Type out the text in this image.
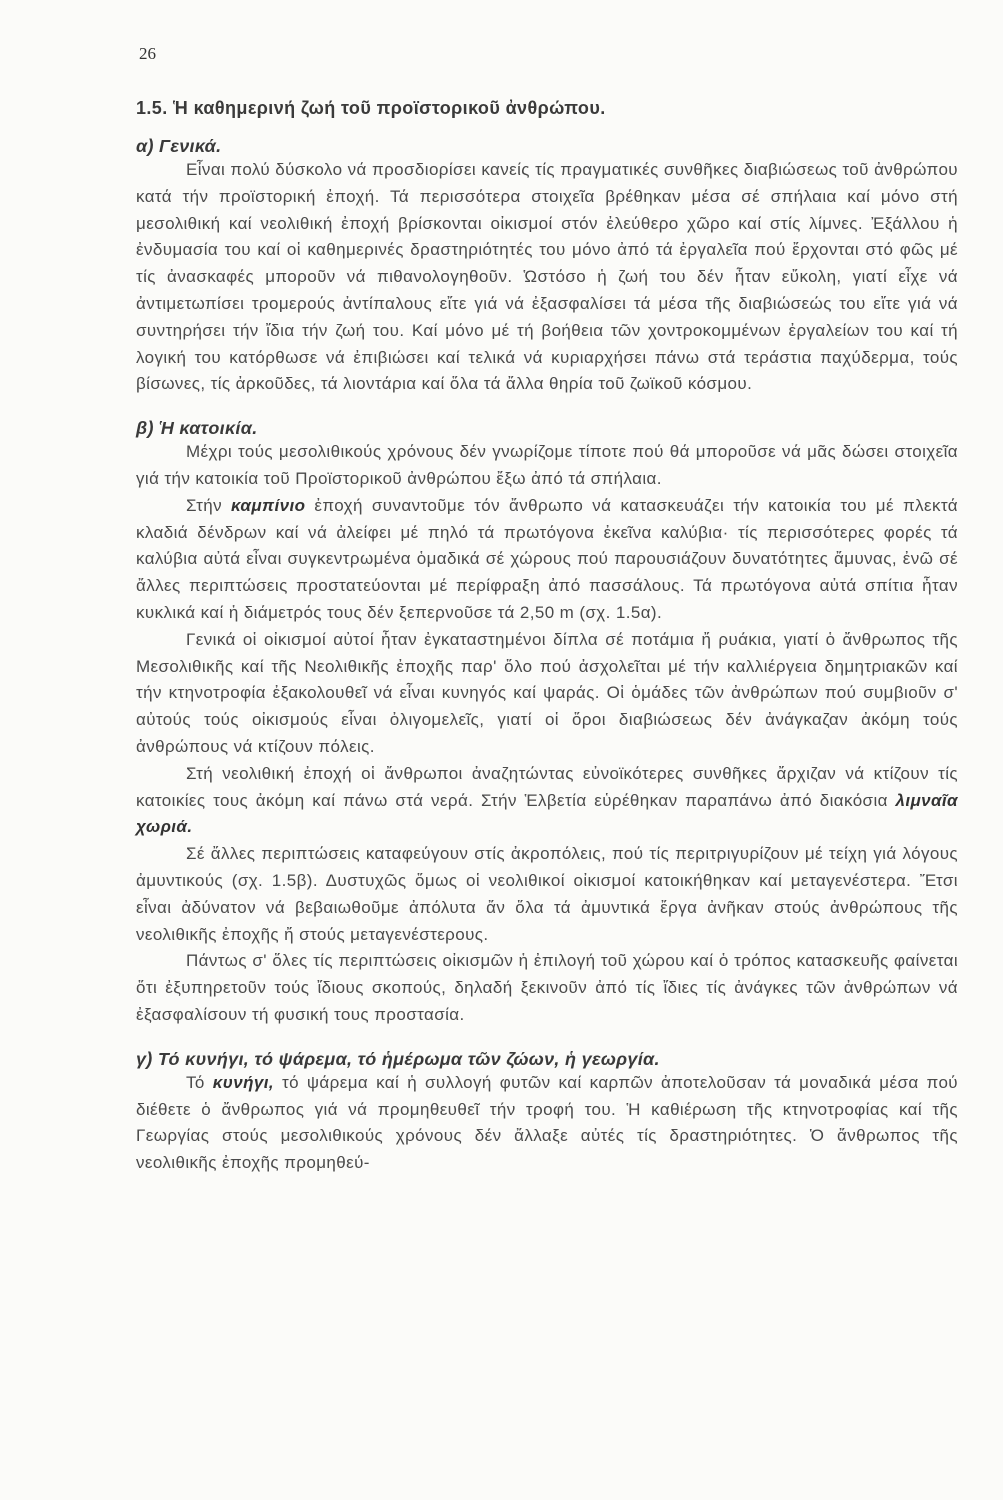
26
1.5. Ἡ καθημερινή ζωή τοῦ προϊστορικοῦ ἀνθρώπου.
α) Γενικά.

Εἶναι πολύ δύσκολο νά προσδιορίσει κανείς τίς πραγματικές συνθῆκες διαβιώσεως τοῦ ἀνθρώπου κατά τήν προϊστορική ἐποχή. Τά περισσότερα στοιχεῖα βρέθηκαν μέσα σέ σπήλαια καί μόνο στή μεσολιθική καί νεολιθική ἐποχή βρίσκονται οἰκισμοί στόν ἐλεύθερο χῶρο καί στίς λίμνες. Ἐξάλλου ἡ ἐνδυμασία του καί οἱ καθημερινές δραστηριότητές του μόνο ἀπό τά ἐργαλεῖα πού ἔρχονται στό φῶς μέ τίς ἀνασκαφές μποροῦν νά πιθανολογηθοῦν. Ὡστόσο ἡ ζωή του δέν ἦταν εὔκολη, γιατί εἶχε νά ἀντιμετωπίσει τρομερούς ἀντίπαλους εἴτε γιά νά ἐξασφαλίσει τά μέσα τῆς διαβιώσεώς του εἴτε γιά νά συντηρήσει τήν ἴδια τήν ζωή του. Καί μόνο μέ τή βοήθεια τῶν χοντροκομμένων ἐργαλείων του καί τή λογική του κατόρθωσε νά ἐπιβιώσει καί τελικά νά κυριαρχήσει πάνω στά τεράστια παχύδερμα, τούς βίσωνες, τίς ἀρκοῦδες, τά λιοντάρια καί ὅλα τά ἄλλα θηρία τοῦ ζωϊκοῦ κόσμου.

β) Ἡ κατοικία.

Μέχρι τούς μεσολιθικούς χρόνους δέν γνωρίζομε τίποτε πού θά μποροῦσε νά μᾶς δώσει στοιχεῖα γιά τήν κατοικία τοῦ Προϊστορικοῦ ἀνθρώπου ἔξω ἀπό τά σπήλαια.

Στήν καμπίνιο ἐποχή συναντοῦμε τόν ἄνθρωπο νά κατασκευάζει τήν κατοικία του μέ πλεκτά κλαδιά δένδρων καί νά ἀλείφει μέ πηλό τά πρωτόγονα ἐκεῖνα καλύβια· τίς περισσότερες φορές τά καλύβια αὐτά εἶναι συγκεντρωμένα ὁμαδικά σέ χώρους πού παρουσιάζουν δυνατότητες ἄμυνας, ἐνῶ σέ ἄλλες περιπτώσεις προστατεύονται μέ περίφραξη ἀπό πασσάλους. Τά πρωτόγονα αὐτά σπίτια ἦταν κυκλικά καί ἡ διάμετρός τους δέν ξεπερνοῦσε τά 2,50 m (σχ. 1.5α).

Γενικά οἱ οἰκισμοί αὐτοί ἦταν ἐγκαταστημένοι δίπλα σέ ποτάμια ἤ ρυάκια, γιατί ὁ ἄνθρωπος τῆς Μεσολιθικῆς καί τῆς Νεολιθικῆς ἐποχῆς παρ' ὅλο πού ἀσχολεῖται μέ τήν καλλιέργεια δημητριακῶν καί τήν κτηνοτροφία ἐξακολουθεῖ νά εἶναι κυνηγός καί ψαράς. Οἱ ὁμάδες τῶν ἀνθρώπων πού συμβιοῦν σ' αὐτούς τούς οἰκισμούς εἶναι ὀλιγομελεῖς, γιατί οἱ ὅροι διαβιώσεως δέν ἀνάγκαζαν ἀκόμη τούς ἀνθρώπους νά κτίζουν πόλεις.

Στή νεολιθική ἐποχή οἱ ἄνθρωποι ἀναζητώντας εὐνοϊκότερες συνθῆκες ἄρχιζαν νά κτίζουν τίς κατοικίες τους ἀκόμη καί πάνω στά νερά. Στήν Ἑλβετία εὑρέθηκαν παραπάνω ἀπό διακόσια λιμναῖα χωριά.

Σέ ἄλλες περιπτώσεις καταφεύγουν στίς ἀκροπόλεις, πού τίς περιτριγυρίζουν μέ τείχη γιά λόγους ἀμυντικούς (σχ. 1.5β). Δυστυχῶς ὅμως οἱ νεολιθικοί οἰκισμοί κατοικήθηκαν καί μεταγενέστερα. Ἔτσι εἶναι ἀδύνατον νά βεβαιωθοῦμε ἀπόλυτα ἄν ὅλα τά ἀμυντικά ἔργα ἀνῆκαν στούς ἀνθρώπους τῆς νεολιθικῆς ἐποχῆς ἤ στούς μεταγενέστερους.

Πάντως σ' ὅλες τίς περιπτώσεις οἰκισμῶν ἡ ἐπιλογή τοῦ χώρου καί ὁ τρόπος κατασκευῆς φαίνεται ὅτι ἐξυπηρετοῦν τούς ἴδιους σκοπούς, δηλαδή ξεκινοῦν ἀπό τίς ἴδιες τίς ἀνάγκες τῶν ἀνθρώπων νά ἐξασφαλίσουν τή φυσική τους προστασία.

γ) Τό κυνήγι, τό ψάρεμα, τό ἡμέρωμα τῶν ζώων, ἡ γεωργία.

Τό κυνήγι, τό ψάρεμα καί ἡ συλλογή φυτῶν καί καρπῶν ἀποτελοῦσαν τά μοναδικά μέσα πού διέθετε ὁ ἄνθρωπος γιά νά προμηθευθεῖ τήν τροφή του. Ἡ καθιέρωση τῆς κτηνοτροφίας καί τῆς Γεωργίας στούς μεσολιθικούς χρόνους δέν ἄλλαξε αὐτές τίς δραστηριότητες. Ὁ ἄνθρωπος τῆς νεολιθικῆς ἐποχῆς προμηθεύ-
